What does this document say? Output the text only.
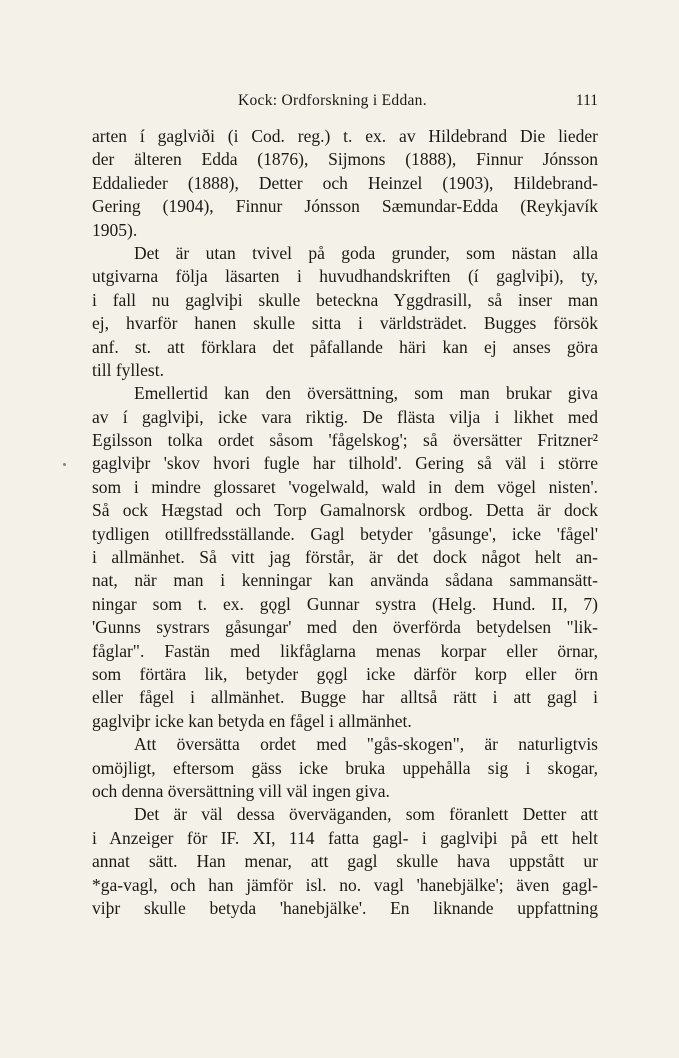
Kock: Ordforskning i Eddan.	111
arten í gaglviði (i Cod. reg.) t. ex. av Hildebrand Die lieder
der älteren Edda (1876), Sijmons (1888), Finnur Jónsson
Eddalieder (1888), Detter och Heinzel (1903), Hildebrand-
Gering (1904), Finnur Jónsson Sæmundar-Edda (Reykjavík
1905).
Det är utan tvivel på goda grunder, som nästan alla
utgivarna följa läsarten i huvudhandskriften (í gaglviþi), ty,
i fall nu gaglviþi skulle beteckna Yggdrasill, så inser man
ej, hvarför hanen skulle sitta i världsträdet. Bugges försök
anf. st. att förklara det påfallande häri kan ej anses göra
till fyllest.
Emellertid kan den översättning, som man brukar giva
av í gaglviþi, icke vara riktig. De flästa vilja i likhet med
Egilsson tolka ordet såsom 'fågelskog'; så översätter Fritzner²
gaglviþr 'skov hvori fugle har tilhold'. Gering så väl i större
som i mindre glossaret 'vogelwald, wald in dem vögel nisten'.
Så ock Hægstad och Torp Gamalnorsk ordbog. Detta är dock
tydligen otillfredsställande. Gagl betyder 'gåsunge', icke 'fågel'
i allmänhet. Så vitt jag förstår, är det dock något helt an-
nat, när man i kenningar kan använda sådana sammansätt-
ningar som t. ex. gǫgl Gunnar systra (Helg. Hund. II, 7)
'Gunns systrars gåsungar' med den överförda betydelsen "lik-
fåglar". Fastän med likfåglarna menas korpar eller örnar,
som förtära lik, betyder gǫgl icke därför korp eller örn
eller fågel i allmänhet. Bugge har alltså rätt i att gagl i
gaglviþr icke kan betyda en fågel i allmänhet.
Att översätta ordet med "gås-skogen", är naturligtvis
omöjligt, eftersom gäss icke bruka uppehålla sig i skogar,
och denna översättning vill väl ingen giva.
Det är väl dessa överväganden, som föranlett Detter att
i Anzeiger för IF. XI, 114 fatta gagl- i gaglviþi på ett helt
annat sätt. Han menar, att gagl skulle hava uppstått ur
*ga-vagl, och han jämför isl. no. vagl 'hanebjälke'; även gagl-
viþr skulle betyda 'hanebjälke'. En liknande uppfattning
